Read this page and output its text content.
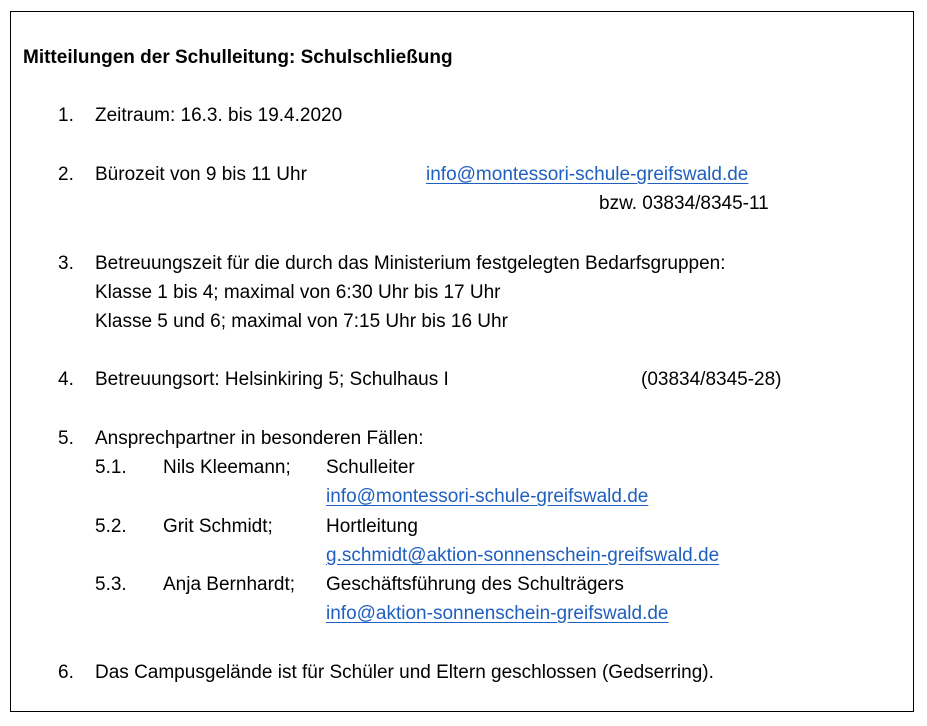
Mitteilungen der Schulleitung: Schulschließung
1. Zeitraum: 16.3. bis 19.4.2020
2. Bürozeit von 9 bis 11 Uhr	info@montessori-schule-greifswald.de
bzw. 03834/8345-11
3. Betreuungszeit für die durch das Ministerium festgelegten Bedarfsgruppen:
Klasse 1 bis 4; maximal von 6:30 Uhr bis 17 Uhr
Klasse 5 und 6; maximal von 7:15 Uhr bis 16 Uhr
4. Betreuungsort: Helsinkiring 5; Schulhaus I	(03834/8345-28)
5. Ansprechpartner in besonderen Fällen:
5.1. Nils Kleemann; Schulleiter
info@montessori-schule-greifswald.de
5.2. Grit Schmidt;	Hortleitung
g.schmidt@aktion-sonnenschein-greifswald.de
5.3. Anja Bernhardt; Geschäftsführung des Schulträgers
info@aktion-sonnenschein-greifswald.de
6. Das Campusgelände ist für Schüler und Eltern geschlossen (Gedserring).
